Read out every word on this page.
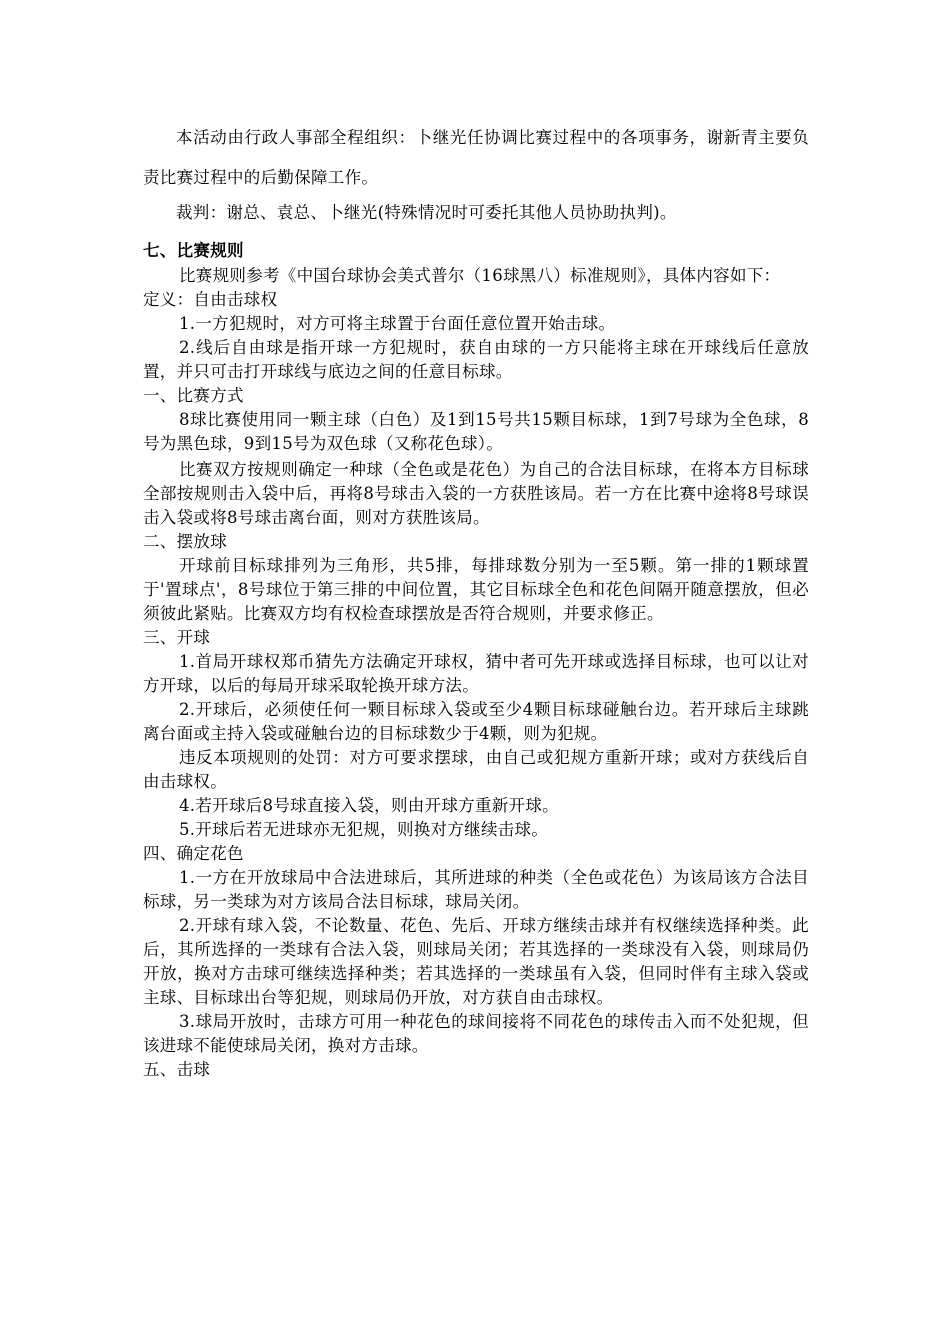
本活动由行政人事部全程组织：卜继光任协调比赛过程中的各项事务，谢新青主要负责比赛过程中的后勤保障工作。

裁判：谢总、袁总、卜继光(特殊情况时可委托其他人员协助执判)。

七、比赛规则

比赛规则参考《中国台球协会美式普尔（16球黑八）标准规则》，具体内容如下：

定义：自由击球权

1.一方犯规时，对方可将主球置于台面任意位置开始击球。

2.线后自由球是指开球一方犯规时，获自由球的一方只能将主球在开球线后任意放置，并只可击打开球线与底边之间的任意目标球。

一、比赛方式

8球比赛使用同一颗主球（白色）及1到15号共15颗目标球，1到7号球为全色球，8号为黑色球，9到15号为双色球（又称花色球）。

比赛双方按规则确定一种球（全色或是花色）为自己的合法目标球，在将本方目标球全部按规则击入袋中后，再将8号球击入袋的一方获胜该局。若一方在比赛中途将8号球误击入袋或将8号球击离台面，则对方获胜该局。

二、摆放球

开球前目标球排列为三角形，共5排，每排球数分别为一至5颗。第一排的1颗球置于'置球点'，8号球位于第三排的中间位置，其它目标球全色和花色间隔开随意摆放，但必须彼此紧贴。比赛双方均有权检查球摆放是否符合规则，并要求修正。

三、开球

1.首局开球权郑币猜先方法确定开球权，猜中者可先开球或选择目标球，也可以让对方开球，以后的每局开球采取轮换开球方法。

2.开球后，必须使任何一颗目标球入袋或至少4颗目标球碰触台边。若开球后主球跳离台面或主持入袋或碰触台边的目标球数少于4颗，则为犯规。

违反本项规则的处罚：对方可要求摆球，由自己或犯规方重新开球；或对方获线后自由击球权。

4.若开球后8号球直接入袋，则由开球方重新开球。

5.开球后若无进球亦无犯规，则换对方继续击球。

四、确定花色

1.一方在开放球局中合法进球后，其所进球的种类（全色或花色）为该局该方合法目标球，另一类球为对方该局合法目标球，球局关闭。

2.开球有球入袋，不论数量、花色、先后、开球方继续击球并有权继续选择种类。此后，其所选择的一类球有合法入袋，则球局关闭；若其选择的一类球没有入袋，则球局仍开放，换对方击球可继续选择种类；若其选择的一类球虽有入袋，但同时伴有主球入袋或主球、目标球出台等犯规，则球局仍开放，对方获自由击球权。

3.球局开放时，击球方可用一种花色的球间接将不同花色的球传击入而不处犯规，但该进球不能使球局关闭，换对方击球。

五、击球
